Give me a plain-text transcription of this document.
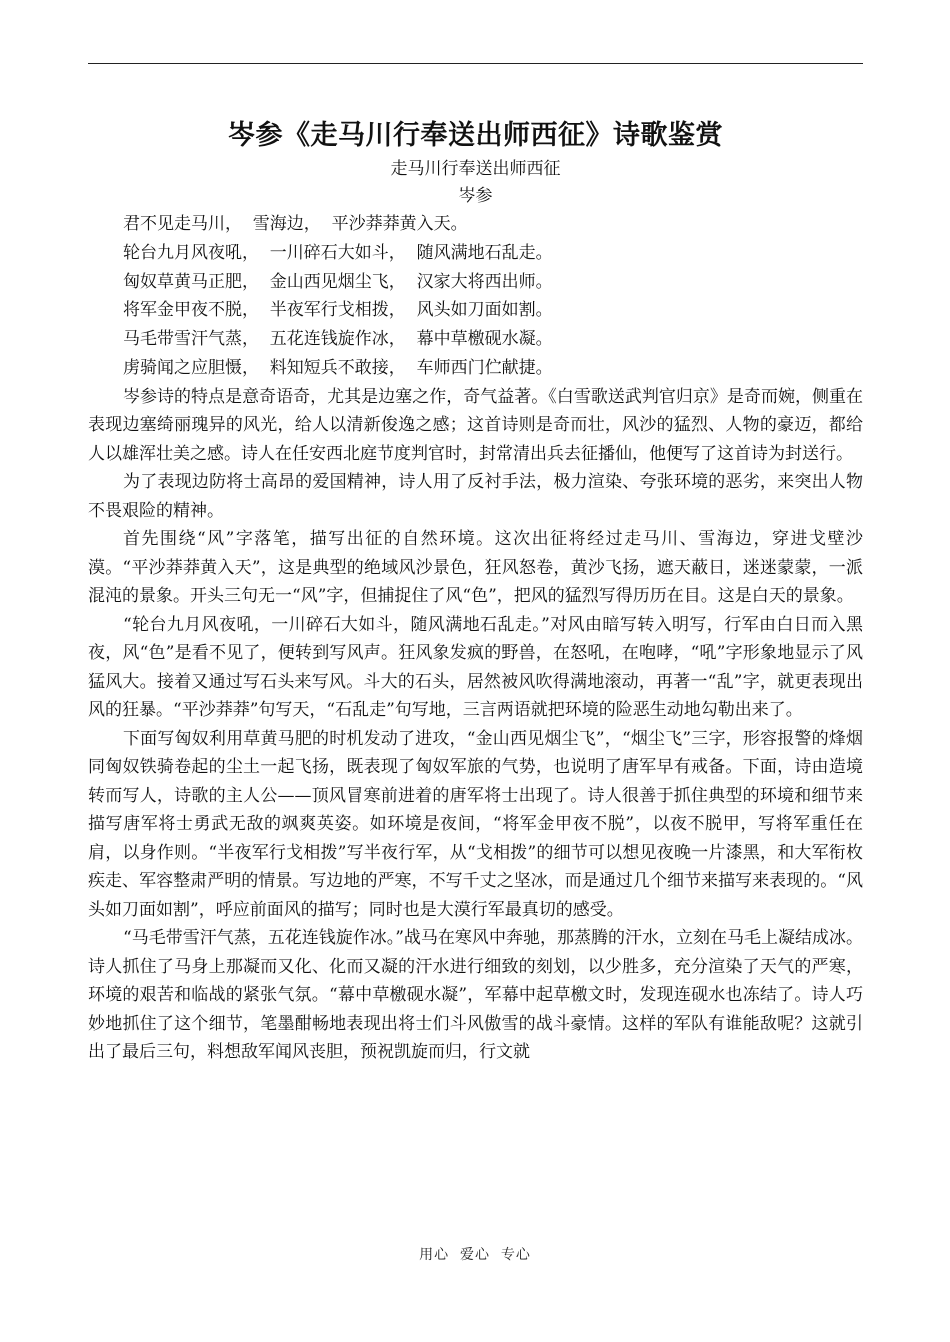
岑参《走马川行奉送出师西征》诗歌鉴赏

走马川行奉送出师西征

岑参

君不见走马川，  雪海边，  平沙莽莽黄入天。
轮台九月风夜吼，  一川碎石大如斗，  随风满地石乱走。
匈奴草黄马正肥，  金山西见烟尘飞，  汉家大将西出师。
将军金甲夜不脱，  半夜军行戈相拨，  风头如刀面如割。
马毛带雪汗气蒸，  五花连钱旋作冰，  幕中草檄砚水凝。
虏骑闻之应胆慑，  料知短兵不敢接，  车师西门伫献捷。

岑参诗的特点是意奇语奇，尤其是边塞之作，奇气益著。《白雪歌送武判官归京》是奇而婉，侧重在表现边塞绮丽瑰异的风光，给人以清新俊逸之感；这首诗则是奇而壮，风沙的猛烈、人物的豪迈，都给人以雄浑壮美之感。诗人在任安西北庭节度判官时，封常清出兵去征播仙，他便写了这首诗为封送行。

为了表现边防将士高昂的爱国精神，诗人用了反衬手法，极力渲染、夸张环境的恶劣，来突出人物不畏艰险的精神。

首先围绕“风”字落笔，描写出征的自然环境。这次出征将经过走马川、雪海边，穿进戈壁沙漠。“平沙莽莽黄入天”，这是典型的绝域风沙景色，狂风怒卷，黄沙飞扬，遮天蔽日，迷迷蒙蒙，一派混沌的景象。开头三句无一“风”字，但捕捉住了风“色”，把风的猛烈写得历历在目。这是白天的景象。

“轮台九月风夜吼，一川碎石大如斗，随风满地石乱走。”对风由暗写转入明写，行军由白日而入黑夜，风“色”是看不见了，便转到写风声。狂风象发疯的野兽，在怒吼，在咆哮，“吼”字形象地显示了风猛风大。接着又通过写石头来写风。斗大的石头，居然被风吹得满地滚动，再著一“乱”字，就更表现出风的狂暴。“平沙莽莽”句写天，“石乱走”句写地，三言两语就把环境的险恶生动地勾勒出来了。

下面写匈奴利用草黄马肥的时机发动了进攻，“金山西见烟尘飞”，“烟尘飞”三字，形容报警的烽烟同匈奴铁骑卷起的尘土一起飞扬，既表现了匈奴军旅的气势，也说明了唐军早有戒备。下面，诗由造境转而写人，诗歌的主人公——顶风冒寒前进着的唐军将士出现了。诗人很善于抓住典型的环境和细节来描写唐军将士勇武无敌的飒爽英姿。如环境是夜间，“将军金甲夜不脱”，以夜不脱甲，写将军重任在肩，以身作则。“半夜军行戈相拨”写半夜行军，从“戈相拨”的细节可以想见夜晚一片漆黑，和大军衔枚疾走、军容整肃严明的情景。写边地的严寒，不写千丈之坚冰，而是通过几个细节来描写来表现的。“风头如刀面如割”，呼应前面风的描写；同时也是大漠行军最真切的感受。

“马毛带雪汗气蒸，五花连钱旋作冰。”战马在寒风中奔驰，那蒸腾的汗水，立刻在马毛上凝结成冰。诗人抓住了马身上那凝而又化、化而又凝的汗水进行细致的刻划，以少胜多，充分渲染了天气的严寒，环境的艰苦和临战的紧张气氛。“幕中草檄砚水凝”，军幕中起草檄文时，发现连砚水也冻结了。诗人巧妙地抓住了这个细节，笔墨酣畅地表现出将士们斗风傲雪的战斗豪情。这样的军队有谁能敌呢？这就引出了最后三句，料想敌军闻风丧胆，预祝凯旋而归，行文就

用心  爱心  专心
